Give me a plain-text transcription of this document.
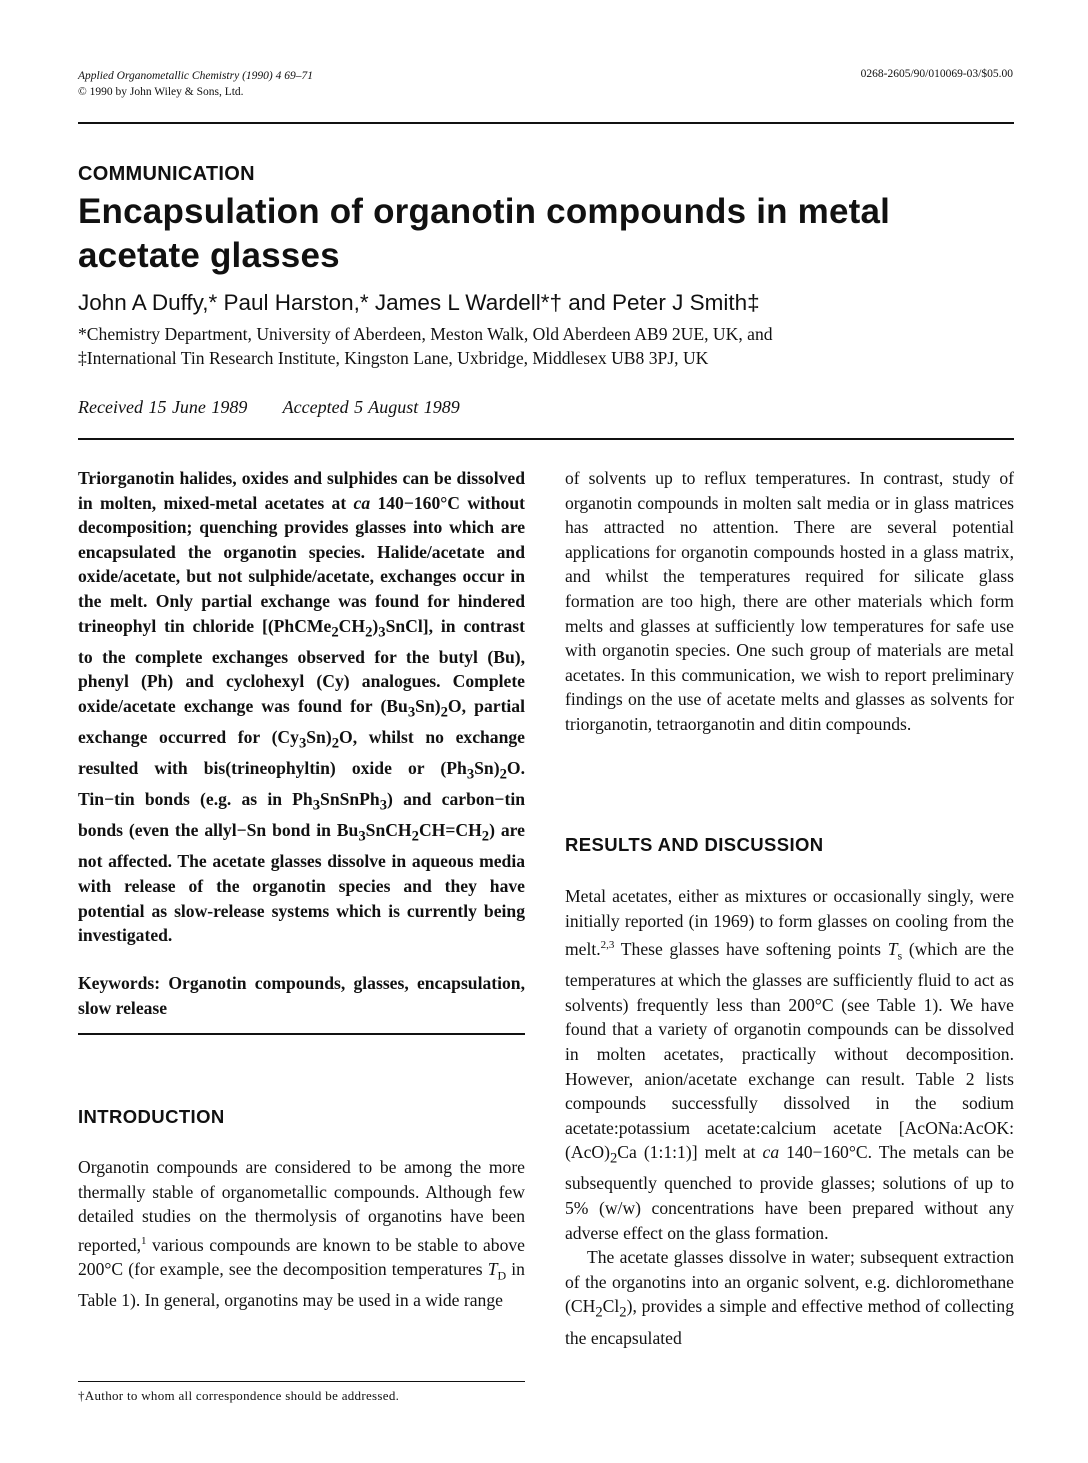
Applied Organometallic Chemistry (1990) 4 69–71
© 1990 by John Wiley & Sons, Ltd.
0268-2605/90/010069-03/$05.00
COMMUNICATION
Encapsulation of organotin compounds in metal acetate glasses
John A Duffy,* Paul Harston,* James L Wardell*† and Peter J Smith‡
*Chemistry Department, University of Aberdeen, Meston Walk, Old Aberdeen AB9 2UE, UK, and
‡International Tin Research Institute, Kingston Lane, Uxbridge, Middlesex UB8 3PJ, UK
Received 15 June 1989 Accepted 5 August 1989

Triorganotin halides, oxides and sulphides can be dissolved in molten, mixed-metal acetates at ca 140−160°C without decomposition; quenching provides glasses into which are encapsulated the organotin species. Halide/acetate and oxide/acetate, but not sulphide/acetate, exchanges occur in the melt. Only partial exchange was found for hindered trineophyl tin chloride $[(PhCMe_2CH_2)_3SnCl]$, in contrast to the complete exchanges observed for the butyl (Bu), phenyl (Ph) and cyclohexyl (Cy) analogues. Complete oxide/acetate exchange was found for $(Bu_3Sn)_2O$, partial exchange occurred for $(Cy_3Sn)_2O$, whilst no exchange resulted with bis(trineophyltin) oxide or $(Ph_3Sn)_2O$. Tin−tin bonds (e.g. as in $Ph_3SnSnPh_3$) and carbon−tin bonds (even the allyl−Sn bond in $Bu_3SnCH_2CH=CH_2$) are not affected. The acetate glasses dissolve in aqueous media with release of the organotin species and they have potential as slow-release systems which is currently being investigated.

Keywords: Organotin compounds, glasses, encapsulation, slow release
INTRODUCTION

Organotin compounds are considered to be among the more thermally stable of organometallic compounds. Although few detailed studies on the thermolysis of organotins have been reported,$^1$ various compounds are known to be stable to above 200°C (for example, see the decomposition temperatures $T_D$ in Table 1). In general, organotins may be used in a wide range

†Author to whom all correspondence should be addressed.

of solvents up to reflux temperatures. In contrast, study of organotin compounds in molten salt media or in glass matrices has attracted no attention. There are several potential applications for organotin compounds hosted in a glass matrix, and whilst the temperatures required for silicate glass formation are too high, there are other materials which form melts and glasses at sufficiently low temperatures for safe use with organotin species. One such group of materials are metal acetates. In this communication, we wish to report preliminary findings on the use of acetate melts and glasses as solvents for triorganotin, tetraorganotin and ditin compounds.

RESULTS AND DISCUSSION

Metal acetates, either as mixtures or occasionally singly, were initially reported (in 1969) to form glasses on cooling from the melt.$^{2,3}$ These glasses have softening points $T_s$ (which are the temperatures at which the glasses are sufficiently fluid to act as solvents) frequently less than 200°C (see Table 1). We have found that a variety of organotin compounds can be dissolved in molten acetates, practically without decomposition. However, anion/acetate exchange can result. Table 2 lists compounds successfully dissolved in the sodium acetate:potassium acetate:calcium acetate [$AcONa:AcOK:(AcO)_2Ca$ (1:1:1)] melt at ca 140−160°C. The metals can be subsequently quenched to provide glasses; solutions of up to 5% (w/w) concentrations have been prepared without any adverse effect on the glass formation.

The acetate glasses dissolve in water; subsequent extraction of the organotins into an organic solvent, e.g. dichloromethane $(CH_2Cl_2)$, provides a simple and effective method of collecting the encapsulated
